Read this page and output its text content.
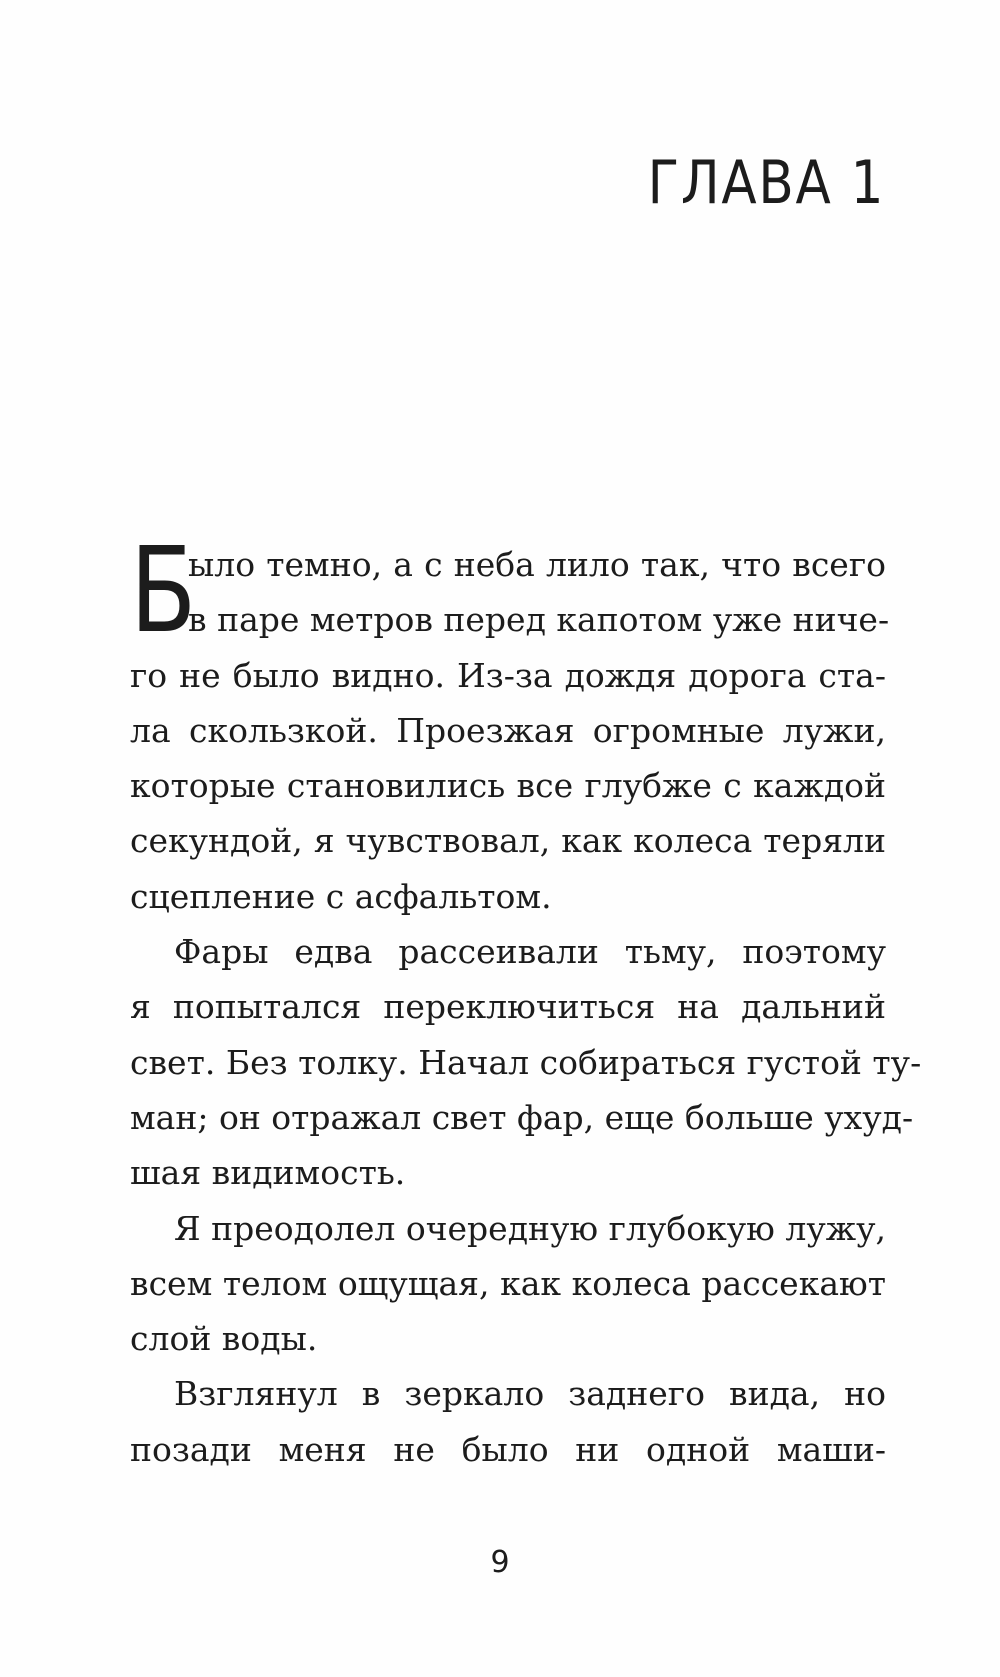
ГЛАВА 1
Б
ыло темно, а с неба лило так, что всего
в паре метров перед капотом уже ниче-
го не было видно. Из-за дождя дорога ста-
ла скользкой. Проезжая огромные лужи,
которые становились все глубже с каждой
секундой, я чувствовал, как колеса теряли
сцепление с асфальтом.
Фары едва рассеивали тьму, поэтому
я попытался переключиться на дальний
свет. Без толку. Начал собираться густой ту-
ман; он отражал свет фар, еще больше ухуд-
шая видимость.
Я преодолел очередную глубокую лужу,
всем телом ощущая, как колеса рассекают
слой воды.
Взглянул в зеркало заднего вида, но
позади меня не было ни одной маши-
9
